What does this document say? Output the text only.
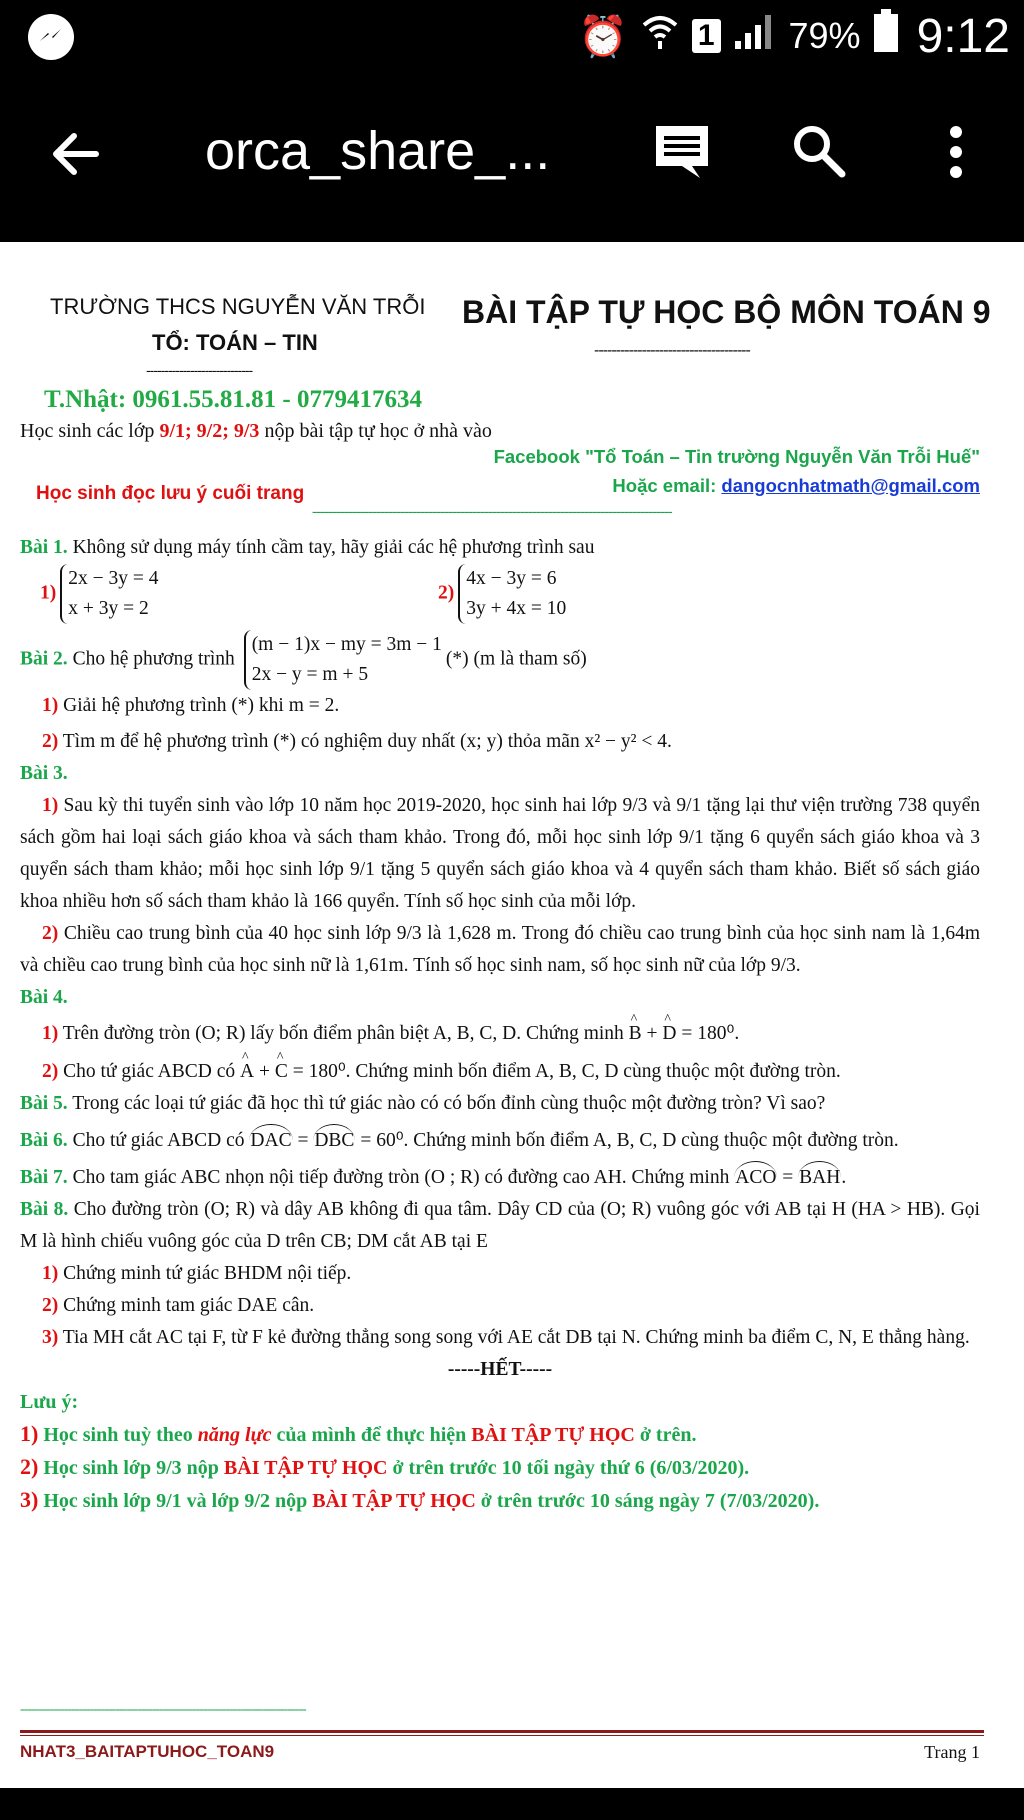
⏰ 1 79% 9:12
orca_share_...
TRƯỜNG THCS NGUYỄN VĂN TRỖI
TỔ: TOÁN – TIN
-----------------------------
BÀI TẬP TỰ HỌC BỘ MÔN TOÁN 9
------------------------------------
T.Nhật: 0961.55.81.81 - 0779417634
Học sinh các lớp 9/1; 9/2; 9/3 nộp bài tập tự học ở nhà vào
Facebook "Tổ Toán – Tin trường Nguyễn Văn Trỗi Huế"
Hoặc email: dangocnhatmath@gmail.com
Học sinh đọc lưu ý cuối trang
------------------------------------------------------------------------------------------

Bài 1. Không sử dụng máy tính cầm tay, hãy giải các hệ phương trình sau

1)2x − 3y = 4
x + 3y = 2
2)4x − 3y = 6
3y + 4x = 10

Bài 2. Cho hệ phương trình (m − 1)x − my = 3m − 1
2x − y = m + 5(*) (m là tham số)

1) Giải hệ phương trình (*) khi m = 2.

2) Tìm m để hệ phương trình (*) có nghiệm duy nhất (x; y) thỏa mãn x² − y² < 4.

Bài 3.

1) Sau kỳ thi tuyển sinh vào lớp 10 năm học 2019-2020, học sinh hai lớp 9/3 và 9/1 tặng lại thư viện trường 738 quyển sách gồm hai loại sách giáo khoa và sách tham khảo. Trong đó, mỗi học sinh lớp 9/1 tặng 6 quyển sách giáo khoa và 3 quyển sách tham khảo; mỗi học sinh lớp 9/1 tặng 5 quyển sách giáo khoa và 4 quyển sách tham khảo. Biết số sách giáo khoa nhiều hơn số sách tham khảo là 166 quyển. Tính số học sinh của mỗi lớp.

2) Chiều cao trung bình của 40 học sinh lớp 9/3 là 1,628 m. Trong đó chiều cao trung bình của học sinh nam là 1,64m và chiều cao trung bình của học sinh nữ là 1,61m. Tính số học sinh nam, số học sinh nữ của lớp 9/3.

Bài 4.

1) Trên đường tròn (O; R) lấy bốn điểm phân biệt A, B, C, D. Chứng minh ^ B + ^ D = 180⁰.

2) Cho tứ giác ABCD có ^ A + ^ C = 180⁰. Chứng minh bốn điểm A, B, C, D cùng thuộc một đường tròn.

Bài 5. Trong các loại tứ giác đã học thì tứ giác nào có có bốn đỉnh cùng thuộc một đường tròn? Vì sao?

Bài 6. Cho tứ giác ABCD có DAC = DBC = 60⁰. Chứng minh bốn điểm A, B, C, D cùng thuộc một đường tròn.

Bài 7. Cho tam giác ABC nhọn nội tiếp đường tròn (O ; R) có đường cao AH. Chứng minh ACO = BAH.

Bài 8. Cho đường tròn (O; R) và dây AB không đi qua tâm. Dây CD của (O; R) vuông góc với AB tại H (HA > HB). Gọi M là hình chiếu vuông góc của D trên CB; DM cắt AB tại E

1) Chứng minh tứ giác BHDM nội tiếp.

2) Chứng minh tam giác DAE cân.

3) Tia MH cắt AC tại F, từ F kẻ đường thẳng song song với AE cắt DB tại N. Chứng minh ba điểm C, N, E thẳng hàng.

-----HẾT-----

Lưu ý:

1) Học sinh tuỳ theo năng lực của mình để thực hiện BÀI TẬP TỰ HỌC ở trên.

2) Học sinh lớp 9/3 nộp BÀI TẬP TỰ HỌC ở trên trước 10 tối ngày thứ 6 (6/03/2020).

3) Học sinh lớp 9/1 và lớp 9/2 nộp BÀI TẬP TỰ HỌC ở trên trước 10 sáng ngày 7 (7/03/2020).

------------------------------------------------------------------------------
NHAT3_BAITAPTUHOC_TOAN9	Trang 1
